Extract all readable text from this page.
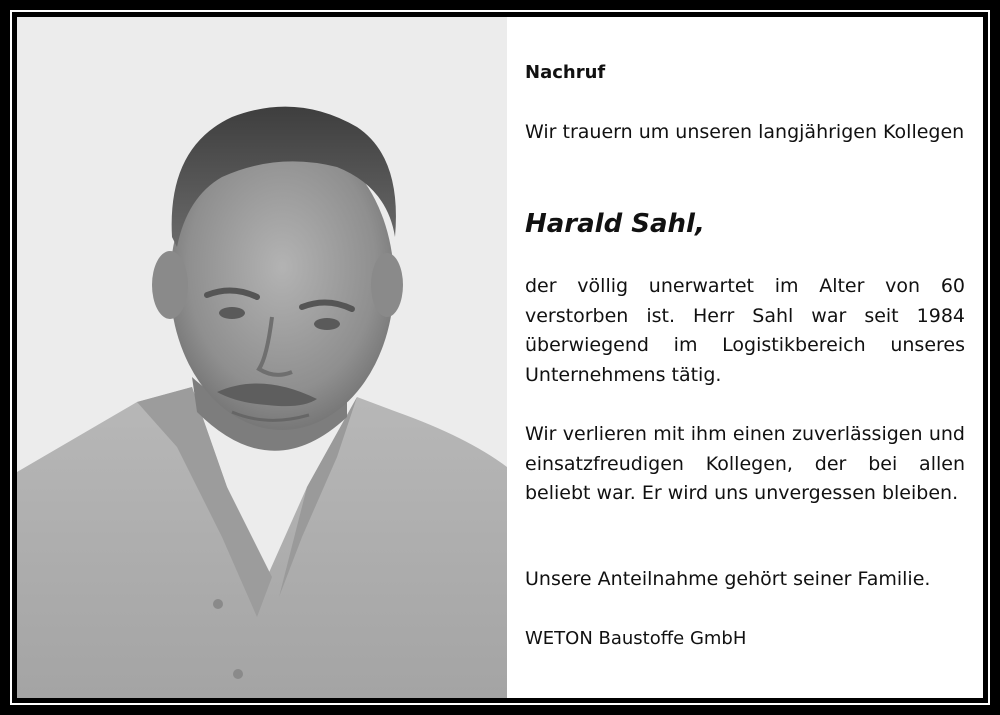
Nachruf
Wir trauern um unseren langjährigen Kollegen
Harald Sahl,
der völlig unerwartet im Alter von 60 verstorben ist. Herr Sahl war seit 1984 überwiegend im Logistikbereich unseres Unternehmens tätig.
Wir verlieren mit ihm einen zuverlässigen und einsatzfreudigen Kollegen, der bei allen beliebt war. Er wird uns unvergessen bleiben.
Unsere Anteilnahme gehört seiner Familie.
WETON Baustoffe GmbH
